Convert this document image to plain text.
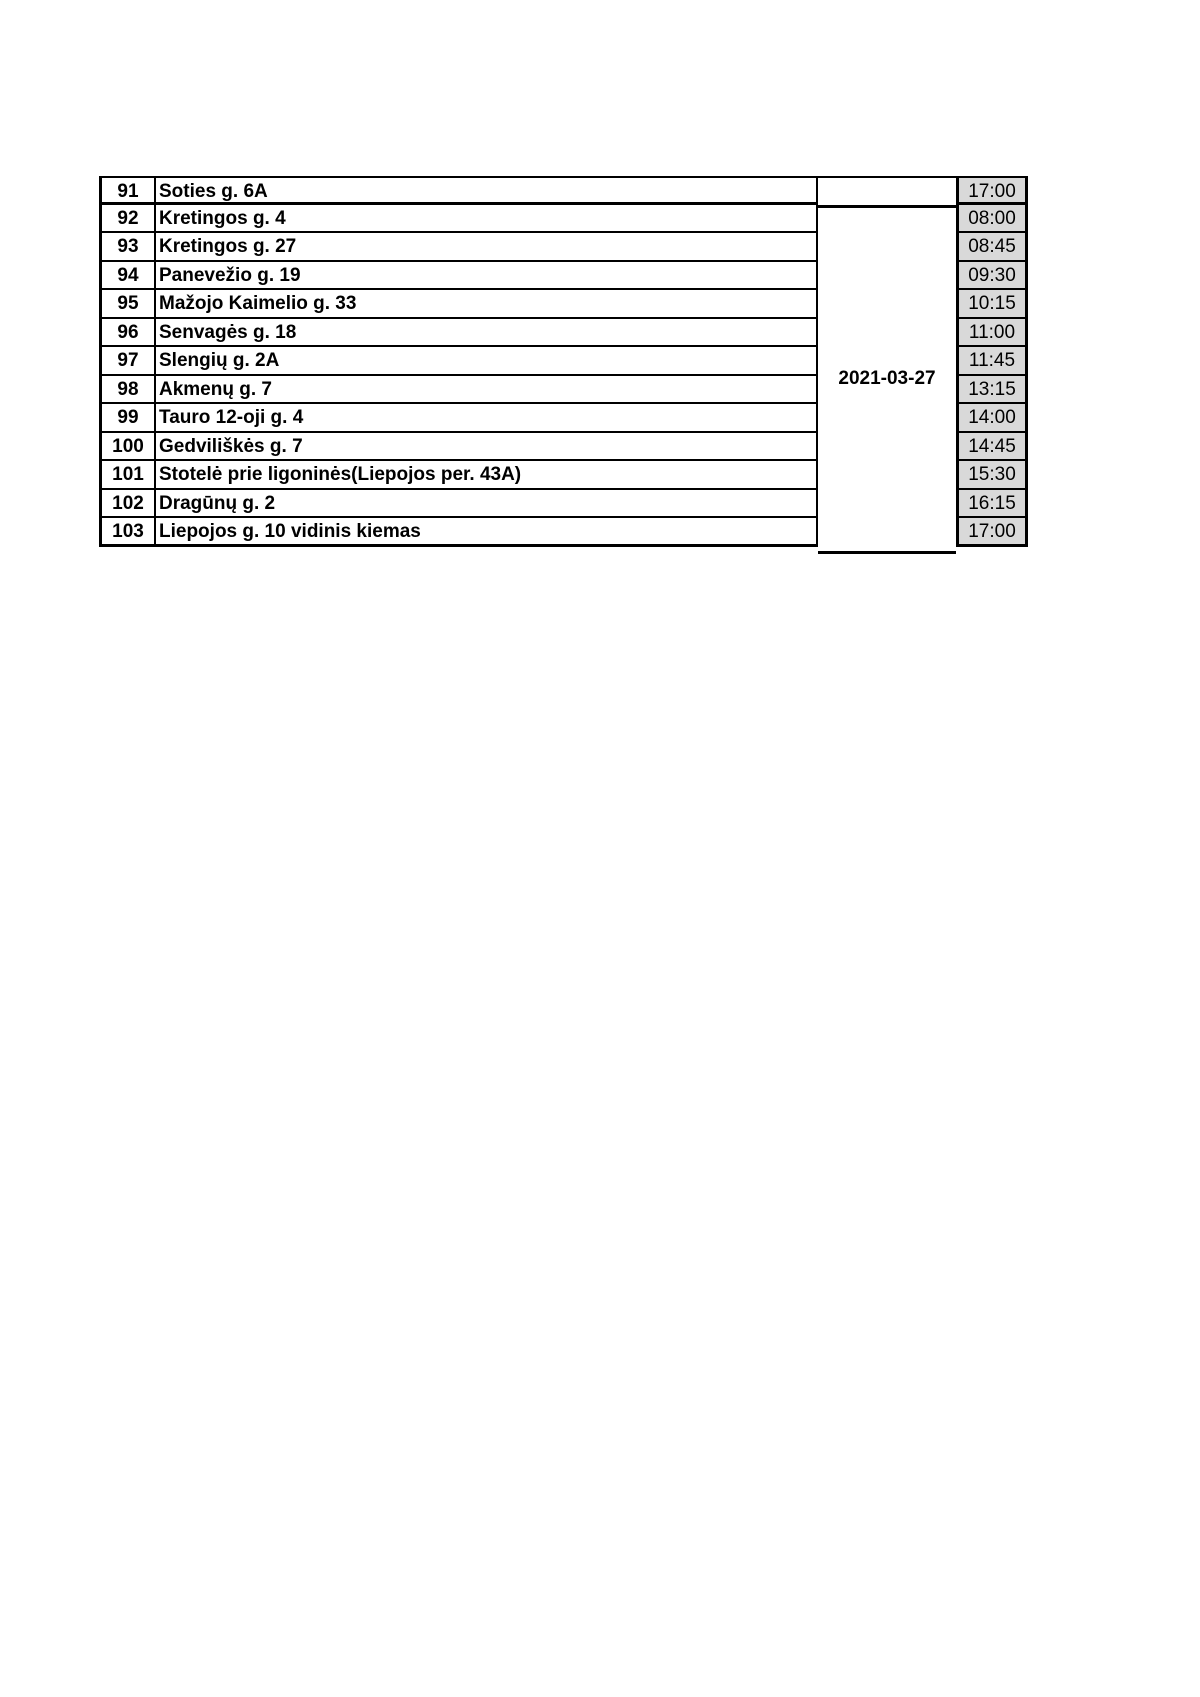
2021-03-27
91	Soties g. 6A	17:00
92	Kretingos g. 4	08:00
93	Kretingos g. 27	08:45
94	Panevežio g. 19	09:30
95	Mažojo Kaimelio g. 33	10:15
96	Senvagės g. 18	11:00
97	Slengių g. 2A	11:45
98	Akmenų g. 7	13:15
99	Tauro 12-oji g. 4	14:00
100 Gedviliškės g. 7	14:45
101 Stotelė prie ligoninės(Liepojos per. 43A)	15:30
102 Dragūnų g. 2	16:15
103 Liepojos g. 10 vidinis kiemas	17:00
